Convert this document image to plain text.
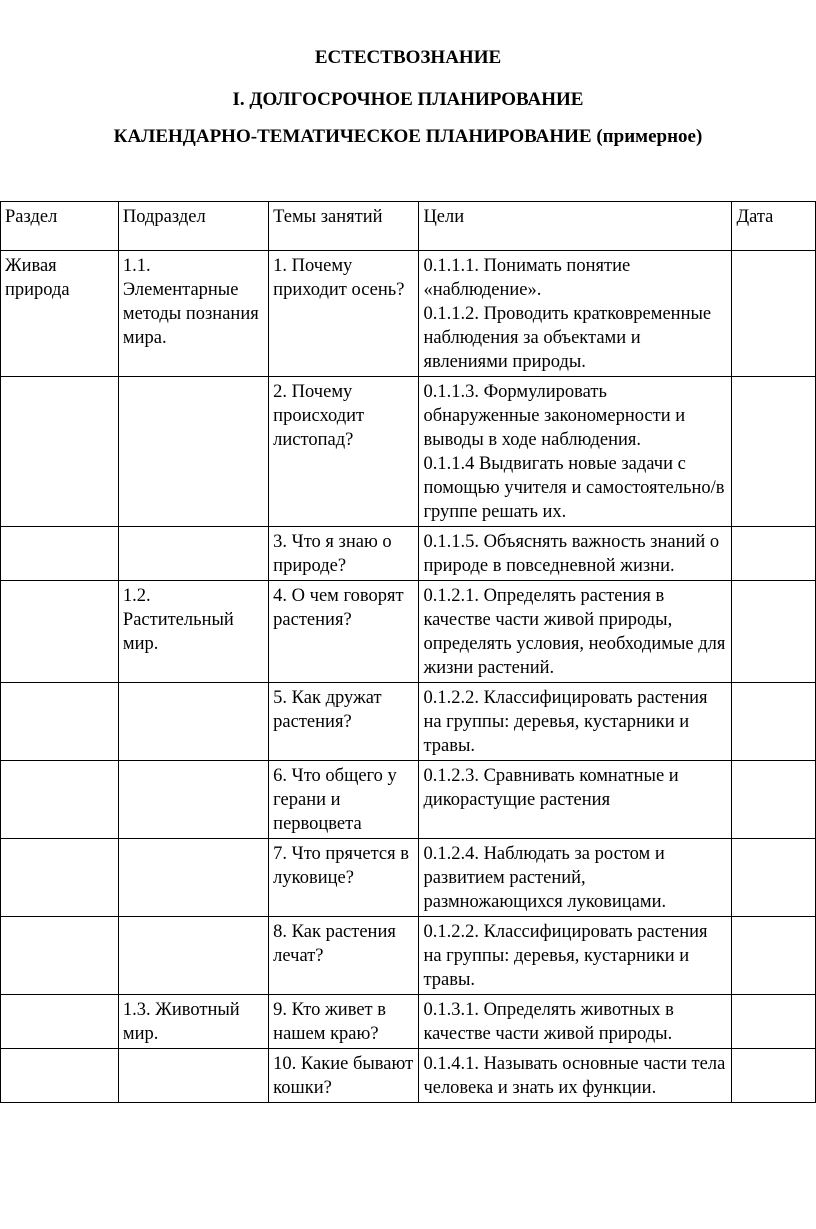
ЕСТЕСТВОЗНАНИЕ

I. ДОЛГОСРОЧНОЕ ПЛАНИРОВАНИЕ

КАЛЕНДАРНО-ТЕМАТИЧЕСКОЕ ПЛАНИРОВАНИЕ (примерное)

Раздел	Подраздел	Темы занятий	Цели	Дата
Живая природа	1.1. Элементарные методы познания мира.	1. Почему приходит осень?	0.1.1.1. Понимать понятие «наблюдение».
0.1.1.2. Проводить кратковременные наблюдения за объектами и явлениями природы.	

		2. Почему происходит листопад?	0.1.1.3. Формулировать обнаруженные закономерности и выводы в ходе наблюдения.
0.1.1.4 Выдвигать новые задачи с помощью учителя и самостоятельно/в группе решать их.	

		3. Что я знаю о природе?	0.1.1.5. Объяснять важность знаний о природе в повседневной жизни.	

	1.2. Растительный мир.	4. О чем говорят растения?	0.1.2.1. Определять растения в качестве части живой природы, определять условия, необходимые для жизни растений.	

		5. Как дружат растения?	0.1.2.2. Классифицировать растения на группы: деревья, кустарники и травы.	

		6. Что общего у герани и первоцвета	0.1.2.3. Сравнивать комнатные и дикорастущие растения	

		7. Что прячется в луковице?	0.1.2.4. Наблюдать за ростом и развитием растений, размножающихся луковицами.	

		8. Как растения лечат?	0.1.2.2. Классифицировать растения на группы: деревья, кустарники и травы.	

	1.3. Животный мир.	9. Кто живет в нашем краю?	0.1.3.1. Определять животных в качестве части живой природы.	

		10. Какие бывают кошки?	0.1.4.1. Называть основные части тела человека и знать их функции.	
